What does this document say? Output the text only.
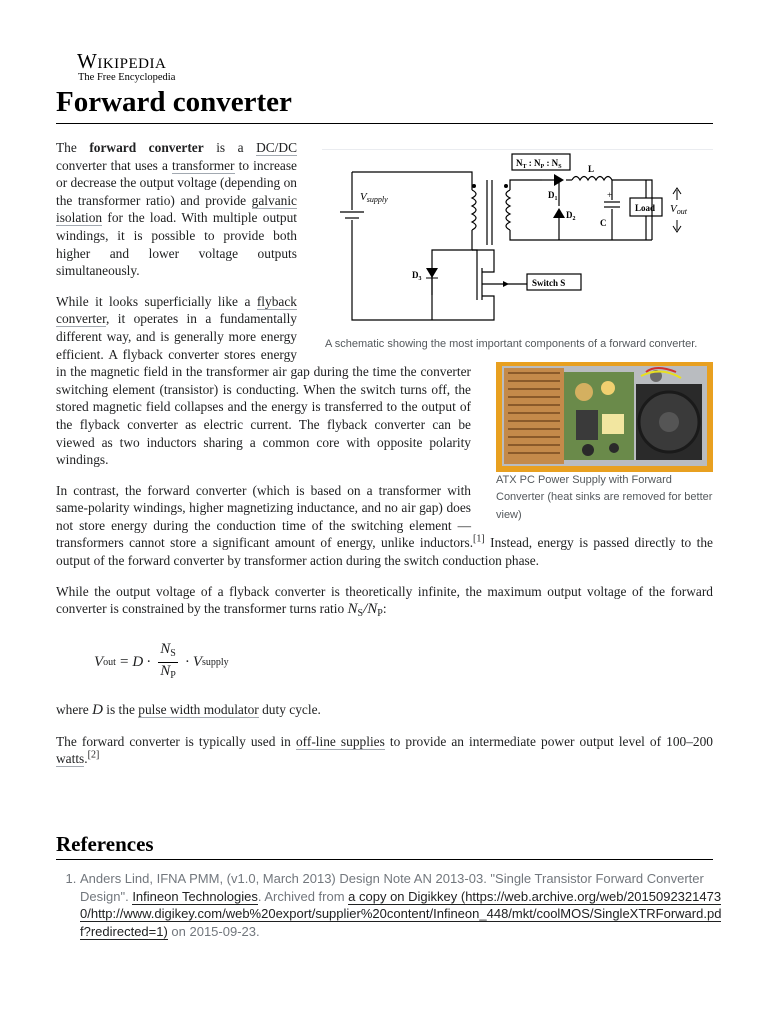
Wikipedia
The Free Encyclopedia
Forward converter
Vsupply
$N_T$ : $N_P$ : $N_S$
$D_1$
$D_2$
$D_3$
L
C
Load Vout
Switch S
+
A schematic showing the most important components of a forward converter.

The forward converter is a DC/DC converter that uses a transformer to increase or decrease the output voltage (depending on the transformer ratio) and provide galvanic isolation for the load. With multiple output windings, it is possible to provide both higher and lower voltage outputs simultaneously.

ATX PC Power Supply with Forward Converter (heat sinks are removed for better view)

While it looks superficially like a flyback converter, it operates in a fundamentally different way, and is generally more energy efficient. A flyback converter stores energy in the magnetic field in the transformer air gap during the time the converter switching element (transistor) is conducting. When the switch turns off, the stored magnetic field collapses and the energy is transferred to the output of the flyback converter as electric current. The flyback converter can be viewed as two inductors sharing a common core with opposite polarity windings.

In contrast, the forward converter (which is based on a transformer with same-polarity windings, higher magnetizing inductance, and no air gap) does not store energy during the conduction time of the switching element — transformers cannot store a significant amount of energy, unlike inductors.[1] Instead, energy is passed directly to the output of the forward converter by transformer action during the switch conduction phase.

While the output voltage of a flyback converter is theoretically infinite, the maximum output voltage of the forward converter is constrained by the transformer turns ratio $N_S/N_P$:

V out = $D \cdot \frac{N_S}{N_P} \cdot V$ supply

where D is the pulse width modulator duty cycle.

The forward converter is typically used in off-line supplies to provide an intermediate power output level of 100–200 watts.[2]

References
1. Anders Lind, IFNA PMM, (v1.0, March 2013) Design Note AN 2013-03. "Single Transistor Forward Converter Design". Infineon Technologies. Archived from a copy on Digikkey (https://web.archive.org/web/20150923214730/http://www.digikey.com/web%20export/supplier%20content/Infineon_448/mkt/coolMOS/SingleXTRForward.pdf?redirected=1) on 2015-09-23.
